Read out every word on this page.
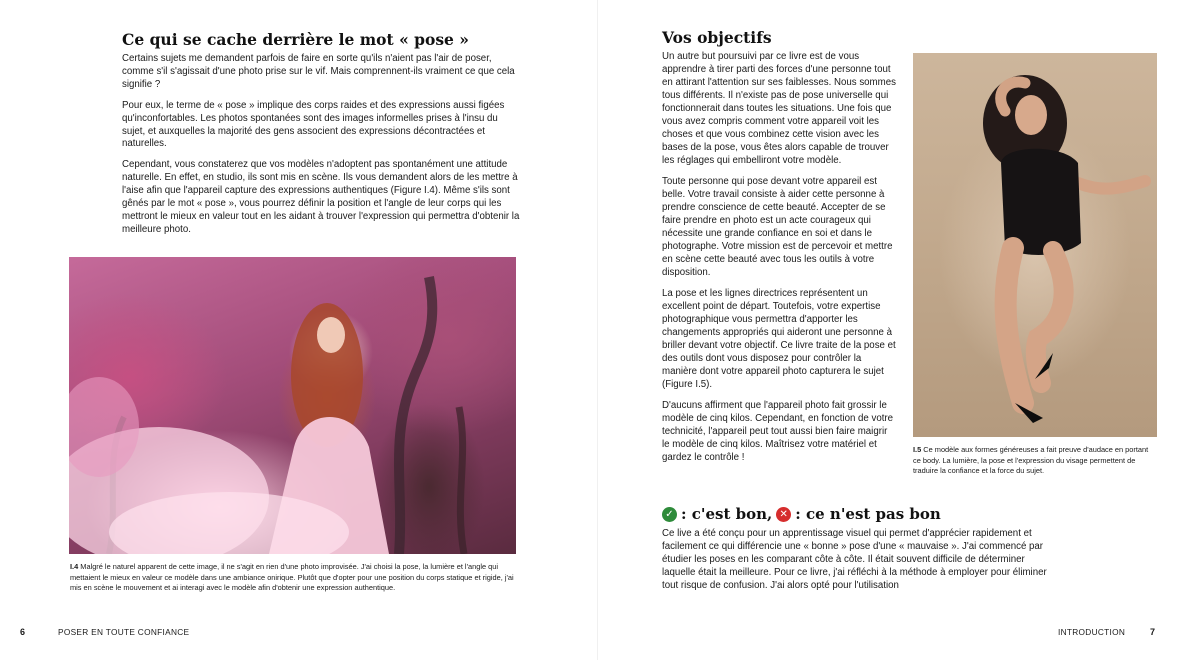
Ce qui se cache derrière le mot « pose »

Certains sujets me demandent parfois de faire en sorte qu'ils n'aient pas l'air de poser, comme s'il s'agissait d'une photo prise sur le vif. Mais comprennent-ils vraiment ce que cela signifie ?

Pour eux, le terme de « pose » implique des corps raides et des expressions aussi figées qu'inconfortables. Les photos spontanées sont des images informelles prises à l'insu du sujet, et auxquelles la majorité des gens associent des expressions décontractées et naturelles.

Cependant, vous constaterez que vos modèles n'adoptent pas spontanément une attitude naturelle. En effet, en studio, ils sont mis en scène. Ils vous demandent alors de les mettre à l'aise afin que l'appareil capture des expressions authentiques (Figure I.4). Même s'ils sont gênés par le mot « pose », vous pourrez définir la position et l'angle de leur corps qui les mettront le mieux en valeur tout en les aidant à trouver l'expression qui permettra d'obtenir la meilleure photo.

I.4 Malgré le naturel apparent de cette image, il ne s'agit en rien d'une photo improvisée. J'ai choisi la pose, la lumière et l'angle qui mettaient le mieux en valeur ce modèle dans une ambiance onirique. Plutôt que d'opter pour une position du corps statique et rigide, j'ai mis en scène le mouvement et ai interagi avec le modèle afin d'obtenir une expression authentique.
6	POSER EN TOUTE CONFIANCE
Vos objectifs

Un autre but poursuivi par ce livre est de vous apprendre à tirer parti des forces d'une personne tout en attirant l'attention sur ses faiblesses. Nous sommes tous différents. Il n'existe pas de pose universelle qui fonctionnerait dans toutes les situations. Une fois que vous avez compris comment votre appareil voit les choses et que vous combinez cette vision avec les bases de la pose, vous êtes alors capable de trouver les réglages qui embelliront votre modèle.

Toute personne qui pose devant votre appareil est belle. Votre travail consiste à aider cette personne à prendre conscience de cette beauté. Accepter de se faire prendre en photo est un acte courageux qui nécessite une grande confiance en soi et dans le photographe. Votre mission est de percevoir et mettre en scène cette beauté avec tous les outils à votre disposition.

La pose et les lignes directrices représentent un excellent point de départ. Toutefois, votre expertise photographique vous permettra d'apporter les changements appropriés qui aideront une personne à briller devant votre objectif. Ce livre traite de la pose et des outils dont vous disposez pour contrôler la manière dont votre appareil photo capturera le sujet (Figure I.5).

D'aucuns affirment que l'appareil photo fait grossir le modèle de cinq kilos. Cependant, en fonction de votre technicité, l'appareil peut tout aussi bien faire maigrir le modèle de cinq kilos. Maîtrisez votre matériel et gardez le contrôle !

✓ : c'est bon, ✕ : ce n'est pas bon

Ce live a été conçu pour un apprentissage visuel qui permet d'apprécier rapidement et facilement ce qui différencie une « bonne » pose d'une « mauvaise ». J'ai commencé par étudier les poses en les comparant côte à côte. Il était souvent difficile de déterminer laquelle était la meilleure. Pour ce livre, j'ai réfléchi à la méthode à employer pour éliminer tout risque de confusion. J'ai alors opté pour l'utilisation

INTRODUCTION	7
I.5 Ce modèle aux formes généreuses a fait preuve d'audace en portant ce body. La lumière, la pose et l'expression du visage permettent de traduire la confiance et la force du sujet.
